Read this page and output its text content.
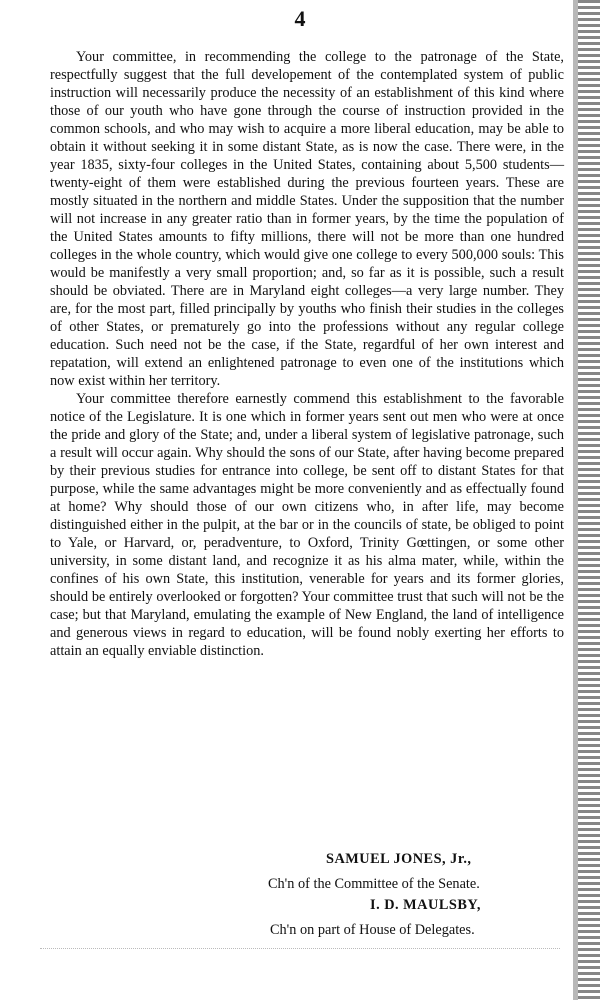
4

Your committee, in recommending the college to the patronage of the State, respectfully suggest that the full developement of the contemplated system of public instruction will necessarily produce the necessity of an establishment of this kind where those of our youth who have gone through the course of instruction provided in the common schools, and who may wish to acquire a more liberal education, may be able to obtain it without seeking it in some distant State, as is now the case. There were, in the year 1835, sixty-four colleges in the United States, containing about 5,500 students—twenty-eight of them were established during the previous fourteen years. These are mostly situated in the northern and middle States. Under the supposition that the number will not increase in any greater ratio than in former years, by the time the population of the United States amounts to fifty millions, there will not be more than one hundred colleges in the whole country, which would give one college to every 500,000 souls: This would be manifestly a very small proportion; and, so far as it is possible, such a result should be obviated. There are in Maryland eight colleges—a very large number. They are, for the most part, filled principally by youths who finish their studies in the colleges of other States, or prematurely go into the professions without any regular college education. Such need not be the case, if the State, regardful of her own interest and repatation, will extend an enlightened patronage to even one of the institutions which now exist within her territory.

Your committee therefore earnestly commend this establishment to the favorable notice of the Legislature. It is one which in former years sent out men who were at once the pride and glory of the State; and, under a liberal system of legislative patronage, such a result will occur again. Why should the sons of our State, after having become prepared by their previous studies for entrance into college, be sent off to distant States for that purpose, while the same advantages might be more conveniently and as effectually found at home? Why should those of our own citizens who, in after life, may become distinguished either in the pulpit, at the bar or in the councils of state, be obliged to point to Yale, or Harvard, or, peradventure, to Oxford, Trinity Gœttingen, or some other university, in some distant land, and recognize it as his alma mater, while, within the confines of his own State, this institution, venerable for years and its former glories, should be entirely overlooked or forgotten? Your committee trust that such will not be the case; but that Maryland, emulating the example of New England, the land of intelligence and generous views in regard to education, will be found nobly exerting her efforts to attain an equally enviable distinction.

SAMUEL JONES, Jr.,
Ch'n of the Committee of the Senate.
I. D. MAULSBY,
Ch'n on part of House of Delegates.
